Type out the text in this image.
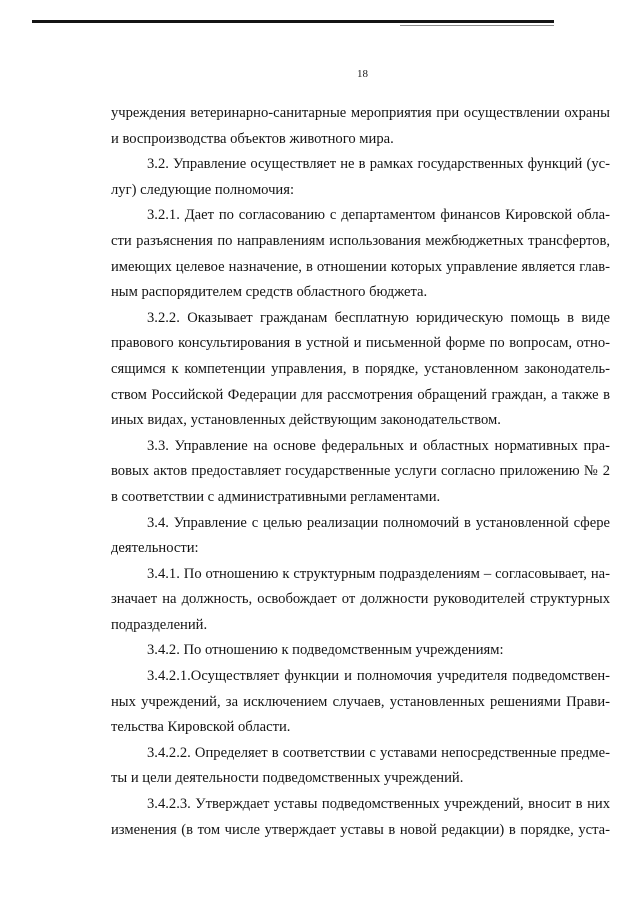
18
учреждения ветеринарно-санитарные мероприятия при осуществлении охраны
и воспроизводства объектов животного мира.
3.2. Управление осуществляет не в рамках государственных функций (ус-
луг) следующие полномочия:
3.2.1. Дает по согласованию с департаментом финансов Кировской обла-
сти разъяснения по направлениям использования межбюджетных трансфертов,
имеющих целевое назначение, в отношении которых управление является глав-
ным распорядителем средств областного бюджета.
3.2.2. Оказывает гражданам бесплатную юридическую помощь в виде
правового консультирования в устной и письменной форме по вопросам, отно-
сящимся к компетенции управления, в порядке, установленном законодатель-
ством Российской Федерации для рассмотрения обращений граждан, а также в
иных видах, установленных действующим законодательством.
3.3. Управление на основе федеральных и областных нормативных пра-
вовых актов предоставляет государственные услуги согласно приложению № 2
в соответствии с административными регламентами.
3.4. Управление с целью реализации полномочий в установленной сфере
деятельности:
3.4.1. По отношению к структурным подразделениям – согласовывает, на-
значает на должность, освобождает от должности руководителей структурных
подразделений.
3.4.2. По отношению к подведомственным учреждениям:
3.4.2.1.Осуществляет функции и полномочия учредителя подведомствен-
ных учреждений, за исключением случаев, установленных решениями Прави-
тельства Кировской области.
3.4.2.2. Определяет в соответствии с уставами непосредственные предме-
ты и цели деятельности подведомственных учреждений.
3.4.2.3. Утверждает уставы подведомственных учреждений, вносит в них
изменения (в том числе утверждает уставы в новой редакции) в порядке, уста-
